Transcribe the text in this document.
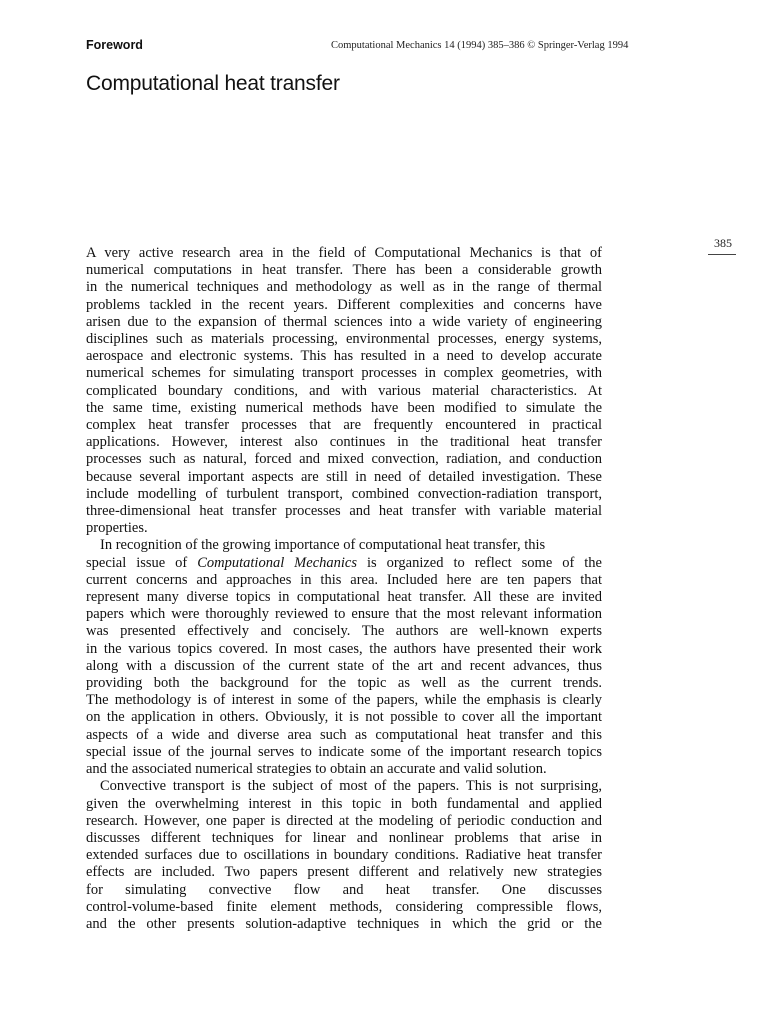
Foreword	Computational Mechanics 14 (1994) 385–386 © Springer-Verlag 1994
Computational heat transfer
385
A very active research area in the field of Computational Mechanics is that of
numerical computations in heat transfer. There has been a considerable growth
in the numerical techniques and methodology as well as in the range of thermal
problems tackled in the recent years. Different complexities and concerns have
arisen due to the expansion of thermal sciences into a wide variety of engineering
disciplines such as materials processing, environmental processes, energy systems,
aerospace and electronic systems. This has resulted in a need to develop accurate
numerical schemes for simulating transport processes in complex geometries, with
complicated boundary conditions, and with various material characteristics. At
the same time, existing numerical methods have been modified to simulate the
complex heat transfer processes that are frequently encountered in practical
applications. However, interest also continues in the traditional heat transfer
processes such as natural, forced and mixed convection, radiation, and conduction
because several important aspects are still in need of detailed investigation. These
include modelling of turbulent transport, combined convection-radiation transport,
three-dimensional heat transfer processes and heat transfer with variable material
properties.
In recognition of the growing importance of computational heat transfer, this
special issue of Computational Mechanics is organized to reflect some of the
current concerns and approaches in this area. Included here are ten papers that
represent many diverse topics in computational heat transfer. All these are invited
papers which were thoroughly reviewed to ensure that the most relevant information
was presented effectively and concisely. The authors are well-known experts
in the various topics covered. In most cases, the authors have presented their work
along with a discussion of the current state of the art and recent advances, thus
providing both the background for the topic as well as the current trends.
The methodology is of interest in some of the papers, while the emphasis is clearly
on the application in others. Obviously, it is not possible to cover all the important
aspects of a wide and diverse area such as computational heat transfer and this
special issue of the journal serves to indicate some of the important research topics
and the associated numerical strategies to obtain an accurate and valid solution.
Convective transport is the subject of most of the papers. This is not surprising,
given the overwhelming interest in this topic in both fundamental and applied
research. However, one paper is directed at the modeling of periodic conduction and
discusses different techniques for linear and nonlinear problems that arise in
extended surfaces due to oscillations in boundary conditions. Radiative heat transfer
effects are included. Two papers present different and relatively new strategies
for simulating convective flow and heat transfer. One discusses
control-volume-based finite element methods, considering compressible flows,
and the other presents solution-adaptive techniques in which the grid or the
